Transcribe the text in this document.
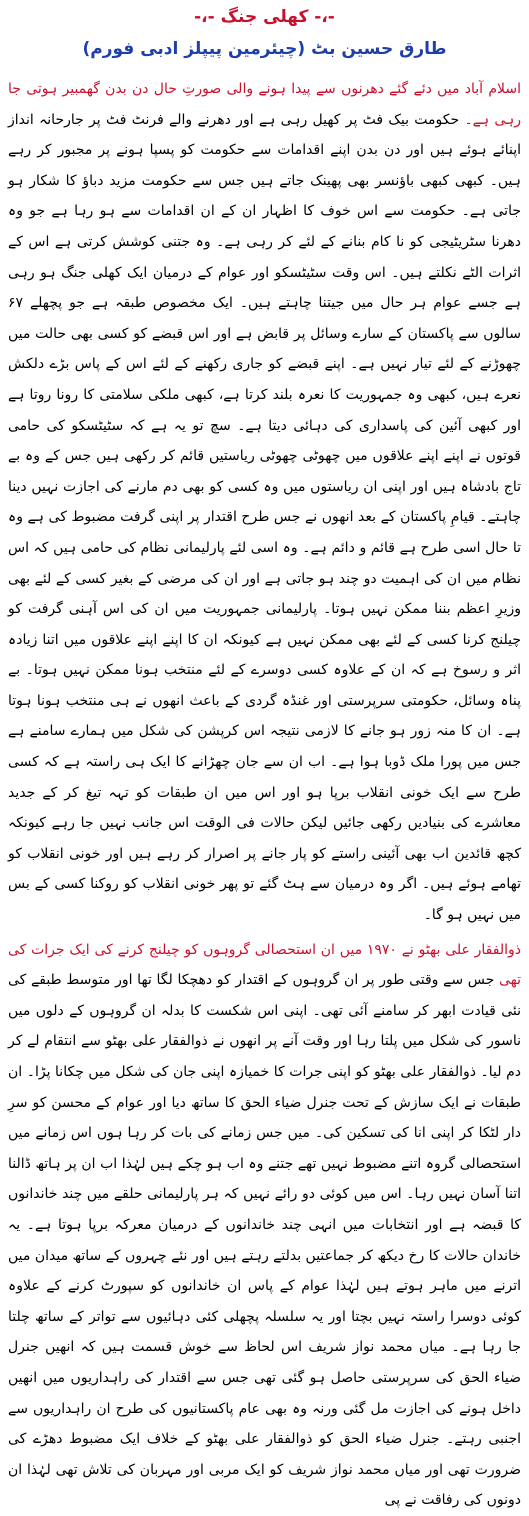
-،- کھلی جنگ -،-
طارق حسین بٹ (چیئرمین پیپلز ادبی فورم)

اسلام آباد میں دئے گئے دھرنوں سے پیدا ہونے والی صورتِ حال دن بدن گھمبیر ہوتی جا رہی ہے۔ حکومت بیک فٹ پر کھیل رہی ہے اور دھرنے والے فرنٹ فٹ پر جارحانہ انداز اپنائے ہوئے ہیں اور دن بدن اپنے اقدامات سے حکومت کو پسپا ہونے پر مجبور کر رہے ہیں۔ کبھی کبھی باؤنسر بھی پھینک جاتے ہیں جس سے حکومت مزید دباؤ کا شکار ہو جاتی ہے۔ حکومت سے اس خوف کا اظہار ان کے ان اقدامات سے ہو رہا ہے جو وہ دھرنا سٹریٹیجی کو نا کام بنانے کے لئے کر رہی ہے۔ وہ جتنی کوشش کرتی ہے اس کے اثرات الٹے نکلتے ہیں۔ اس وقت سٹیٹسکو اور عوام کے درمیان ایک کھلی جنگ ہو رہی ہے جسے عوام ہر حال میں جیتنا چاہتے ہیں۔ ایک مخصوص طبقہ ہے جو پچھلے ۶۷ سالوں سے پاکستان کے سارے وسائل پر قابض ہے اور اس قبضے کو کسی بھی حالت میں چھوڑنے کے لئے تیار نہیں ہے۔ اپنے قبضے کو جاری رکھنے کے لئے اس کے پاس بڑے دلکش نعرے ہیں، کبھی وہ جمہوریت کا نعرہ بلند کرتا ہے، کبھی ملکی سلامتی کا رونا روتا ہے اور کبھی آئین کی پاسداری کی دہائی دیتا ہے۔ سچ تو یہ ہے کہ سٹیٹسکو کی حامی قوتوں نے اپنے اپنے علاقوں میں چھوٹی چھوٹی ریاستیں قائم کر رکھی ہیں جس کے وہ بے تاج بادشاہ ہیں اور اپنی ان ریاستوں میں وہ کسی کو بھی دم مارنے کی اجازت نہیں دینا چاہتے۔ قیامِ پاکستان کے بعد انھوں نے جس طرح اقتدار پر اپنی گرفت مضبوط کی ہے وہ تا حال اسی طرح ہے قائم و دائم ہے۔ وہ اسی لئے پارلیمانی نظام کی حامی ہیں کہ اس نظام میں ان کی اہمیت دو چند ہو جاتی ہے اور ان کی مرضی کے بغیر کسی کے لئے بھی وزیرِ اعظم بننا ممکن نہیں ہوتا۔ پارلیمانی جمہوریت میں ان کی اس آہنی گرفت کو چیلنج کرنا کسی کے لئے بھی ممکن نہیں ہے کیونکہ ان کا اپنے اپنے علاقوں میں اتنا زیادہ اثر و رسوخ ہے کہ ان کے علاوہ کسی دوسرے کے لئے منتخب ہونا ممکن نہیں ہوتا۔ بے پناہ وسائل، حکومتی سرپرستی اور غنڈہ گردی کے باعث انھوں نے ہی منتخب ہونا ہوتا ہے۔ ان کا منہ زور ہو جانے کا لازمی نتیجہ اس کرپشن کی شکل میں ہمارے سامنے ہے جس میں پورا ملک ڈوبا ہوا ہے۔ اب ان سے جان چھڑانے کا ایک ہی راستہ ہے کہ کسی طرح سے ایک خونی انقلاب برپا ہو اور اس میں ان طبقات کو تہہ تیغ کر کے جدید معاشرے کی بنیادیں رکھی جائیں لیکن حالات فی الوقت اس جانب نہیں جا رہے کیونکہ کچھ قائدین اب بھی آئینی راستے کو پار جانے پر اصرار کر رہے ہیں اور خونی انقلاب کو تھامے ہوئے ہیں۔ اگر وہ درمیان سے ہٹ گئے تو پھر خونی انقلاب کو روکنا کسی کے بس میں نہیں ہو گا۔

ذوالفقار علی بھٹو نے ۱۹۷۰ میں ان استحصالی گروہوں کو چیلنج کرنے کی ایک جرات کی تھی جس سے وقتی طور پر ان گروہوں کے اقتدار کو دھچکا لگا تھا اور متوسط طبقے کی نئی قیادت ابھر کر سامنے آئی تھی۔ اپنی اس شکست کا بدلہ ان گروہوں کے دلوں میں ناسور کی شکل میں پلتا رہا اور وقت آنے پر انھوں نے ذوالفقار علی بھٹو سے انتقام لے کر دم لیا۔ ذوالفقار علی بھٹو کو اپنی جرات کا خمیازہ اپنی جان کی شکل میں چکانا پڑا۔ ان طبقات نے ایک سازش کے تحت جنرل ضیاء الحق کا ساتھ دیا اور عوام کے محسن کو سرِ دار لٹکا کر اپنی انا کی تسکین کی۔ میں جس زمانے کی بات کر رہا ہوں اس زمانے میں استحصالی گروہ اتنے مضبوط نہیں تھے جتنے وہ اب ہو چکے ہیں لہٰذا اب ان پر ہاتھ ڈالنا اتنا آسان نہیں رہا۔ اس میں کوئی دو رائے نہیں کہ ہر پارلیمانی حلقے میں چند خاندانوں کا قبضہ ہے اور انتخابات میں انہی چند خاندانوں کے درمیان معرکہ برپا ہوتا ہے۔ یہ خاندان حالات کا رخ دیکھ کر جماعتیں بدلتے رہتے ہیں اور نئے چہروں کے ساتھ میدان میں اترنے میں ماہر ہوتے ہیں لہٰذا عوام کے پاس ان خاندانوں کو سپورٹ کرنے کے علاوہ کوئی دوسرا راستہ نہیں بچتا اور یہ سلسلہ پچھلی کئی دہائیوں سے تواتر کے ساتھ چلتا جا رہا ہے۔ میاں محمد نواز شریف اس لحاظ سے خوش قسمت ہیں کہ انھیں جنرل ضیاء الحق کی سرپرستی حاصل ہو گئی تھی جس سے اقتدار کی راہداریوں میں انھیں داخل ہونے کی اجازت مل گئی ورنہ وہ بھی عام پاکستانیوں کی طرح ان راہداریوں سے اجنبی رہتے۔ جنرل ضیاء الحق کو ذوالفقار علی بھٹو کے خلاف ایک مضبوط دھڑے کی ضرورت تھی اور میاں محمد نواز شریف کو ایک مربی اور مہربان کی تلاش تھی لہٰذا ان دونوں کی رفاقت نے پی
